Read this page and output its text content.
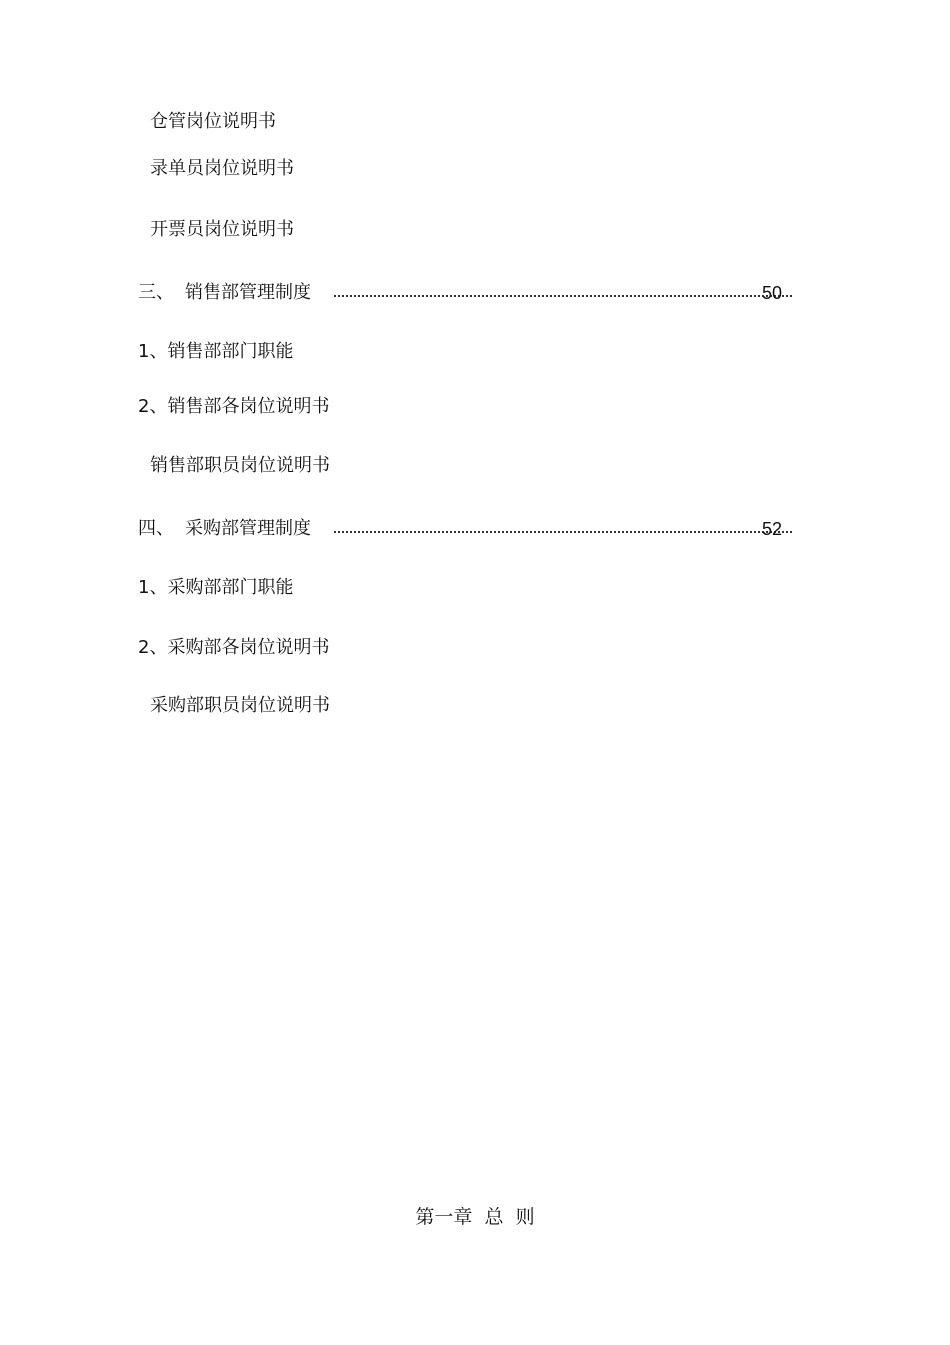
仓管岗位说明书
录单员岗位说明书
开票员岗位说明书
三、 销售部管理制度	50
1、销售部部门职能
2、销售部各岗位说明书
销售部职员岗位说明书
四、 采购部管理制度	52
1、采购部部门职能
2、采购部各岗位说明书
采购部职员岗位说明书
第一章  总  则
